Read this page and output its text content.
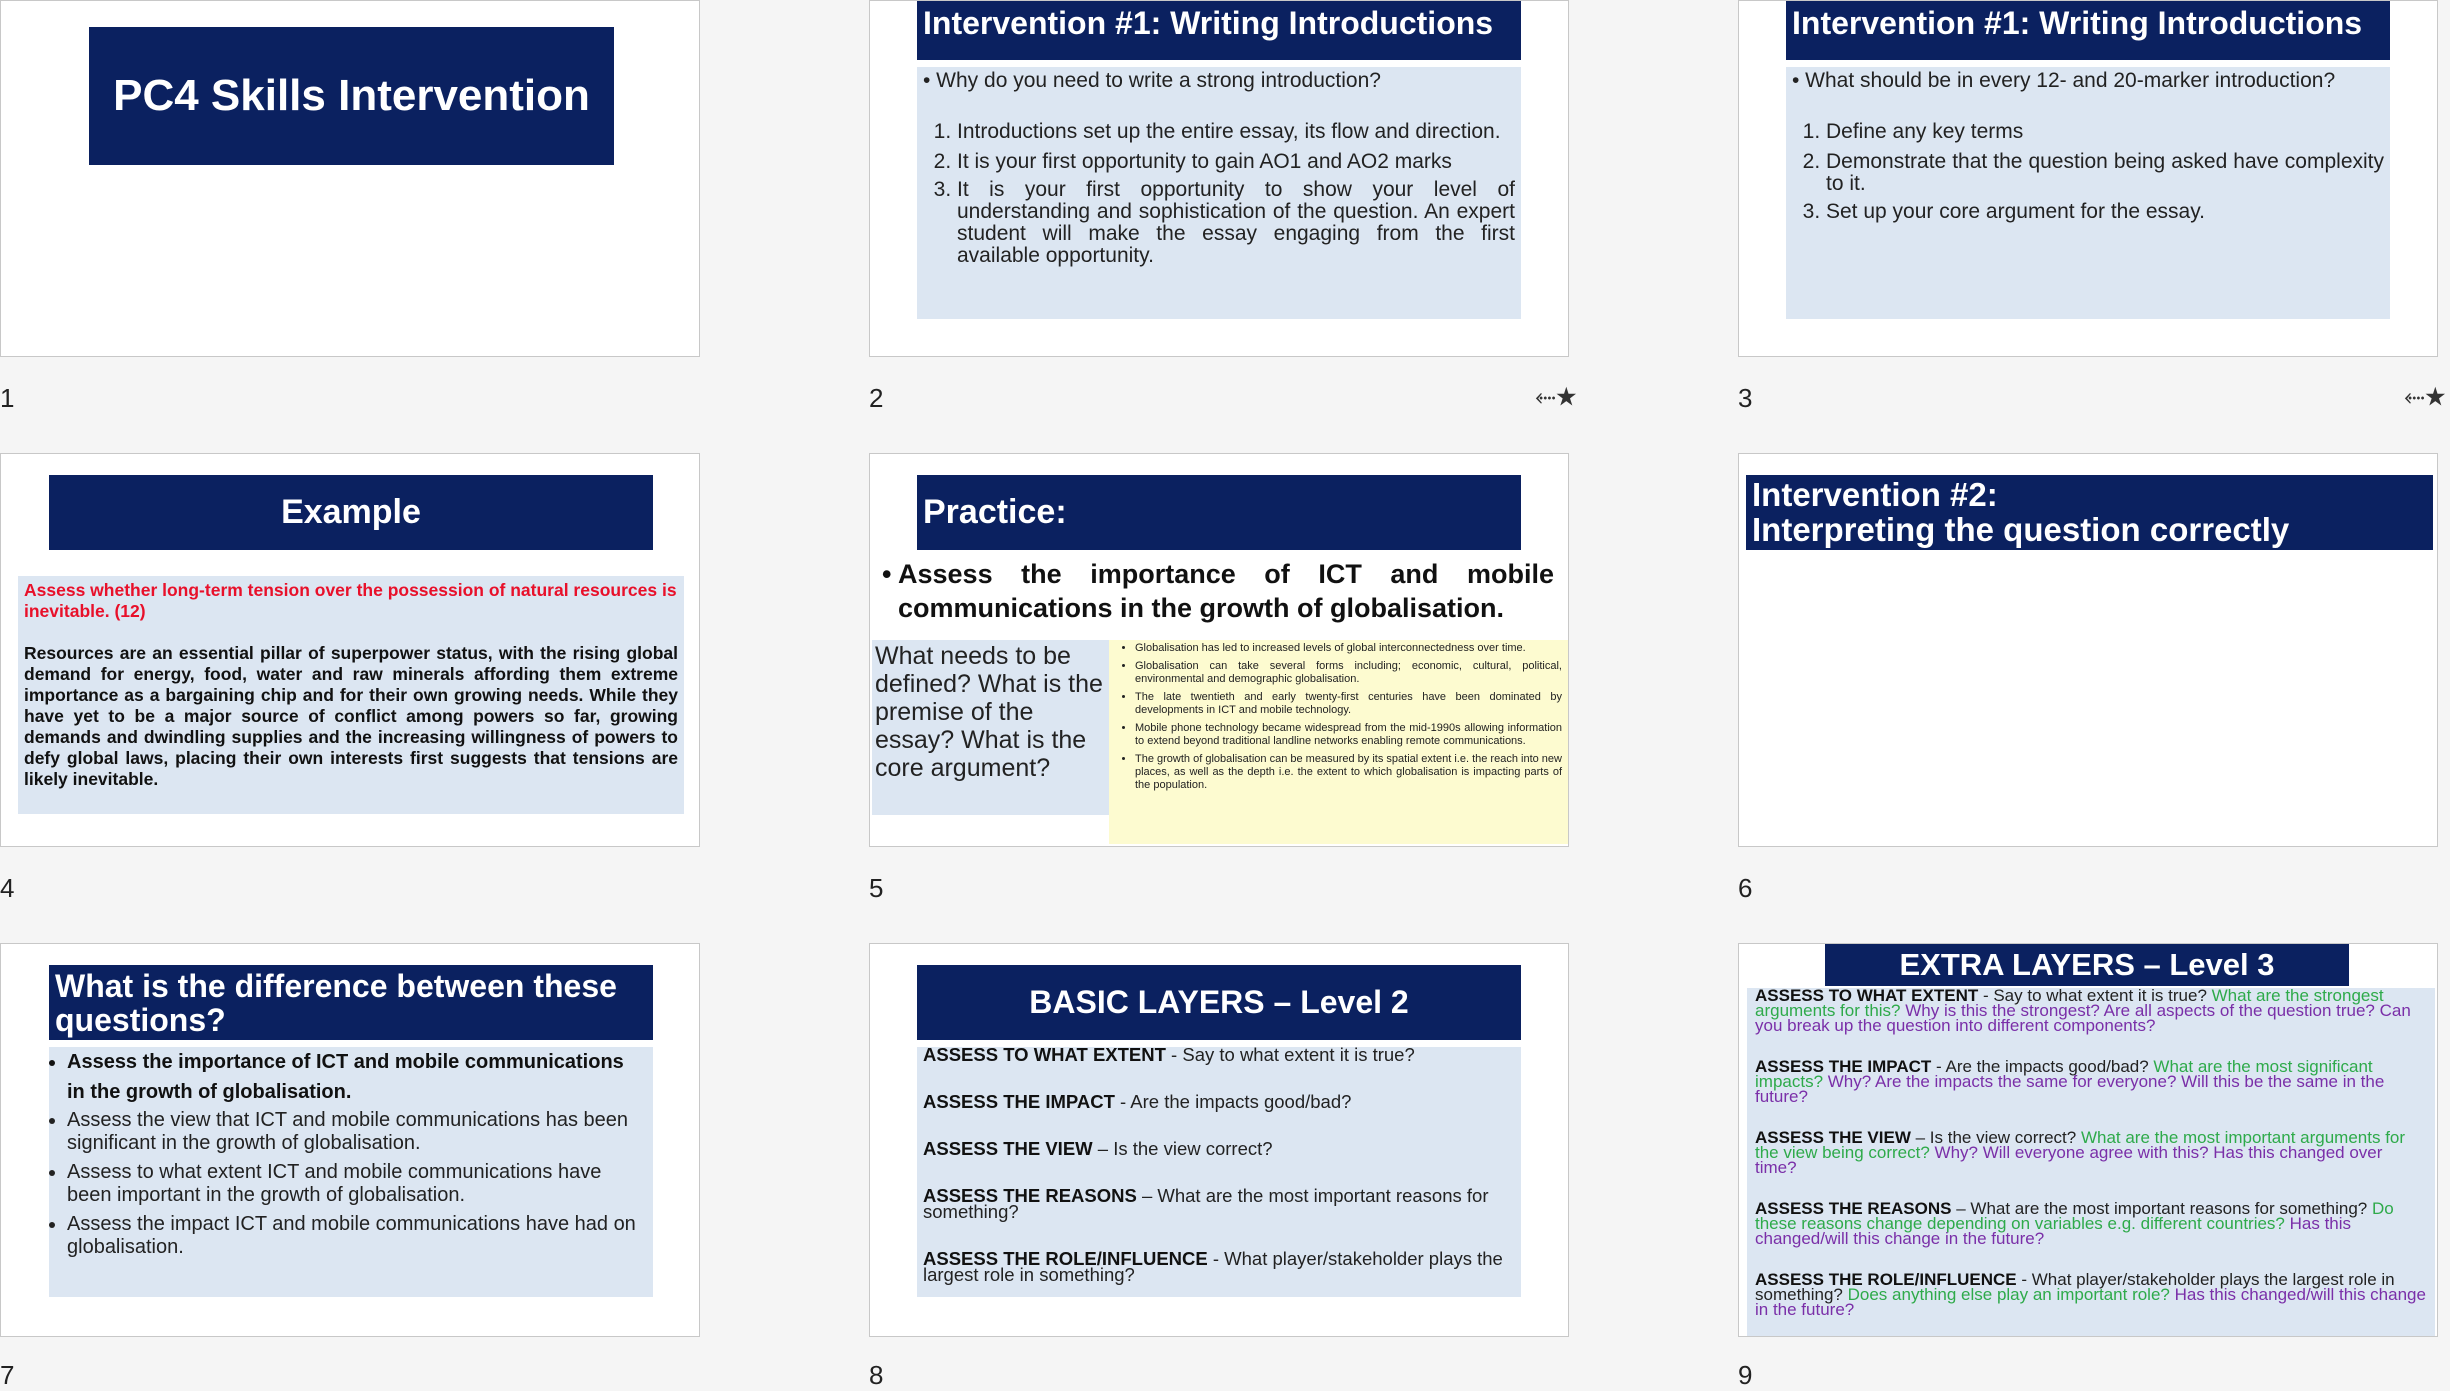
PC4 Skills Intervention
1
Intervention #1: Writing Introductions
• Why do you need to write a strong introduction?
1. Introductions set up the entire essay, its flow and direction.
2. It is your first opportunity to gain AO1 and AO2 marks
3. It is your first opportunity to show your level of understanding and sophistication of the question. An expert student will make the essay engaging from the first available opportunity.
2	⬸★
Intervention #1: Writing Introductions
• What should be in every 12- and 20-marker introduction?
1. Define any key terms
2. Demonstrate that the question being asked have complexity to it.
3. Set up your core argument for the essay.
3	⬸★
Example
Assess whether long-term tension over the possession of natural resources is inevitable. (12)
Resources are an essential pillar of superpower status, with the rising global demand for energy, food, water and raw minerals affording them extreme importance as a bargaining chip and for their own growing needs. While they have yet to be a major source of conflict among powers so far, growing demands and dwindling supplies and the increasing willingness of powers to defy global laws, placing their own interests first suggests that tensions are likely inevitable.
4
Practice:
• Assess the importance of ICT and mobile communications in the growth of globalisation.
What needs to be defined? What is the premise of the essay? What is the core argument?
• Globalisation has led to increased levels of global interconnectedness over time.
• Globalisation can take several forms including; economic, cultural, political, environmental and demographic globalisation.
• The late twentieth and early twenty-first centuries have been dominated by developments in ICT and mobile technology.
• Mobile phone technology became widespread from the mid-1990s allowing information to extend beyond traditional landline networks enabling remote communications.
• The growth of globalisation can be measured by its spatial extent i.e. the reach into new places, as well as the depth i.e. the extent to which globalisation is impacting parts of the population.
5
Intervention #2:
Interpreting the question correctly
6
What is the difference between these questions?
• Assess the importance of ICT and mobile communications in the growth of globalisation.
• Assess the view that ICT and mobile communications has been significant in the growth of globalisation.
• Assess to what extent ICT and mobile communications have been important in the growth of globalisation.
• Assess the impact ICT and mobile communications have had on globalisation.
7
BASIC LAYERS – Level 2
ASSESS TO WHAT EXTENT - Say to what extent it is true?
ASSESS THE IMPACT - Are the impacts good/bad?
ASSESS THE VIEW – Is the view correct?
ASSESS THE REASONS – What are the most important reasons for something?
ASSESS THE ROLE/INFLUENCE - What player/stakeholder plays the largest role in something?
8
EXTRA LAYERS – Level 3
ASSESS TO WHAT EXTENT - Say to what extent it is true? What are the strongest arguments for this? Why is this the strongest? Are all aspects of the question true? Can you break up the question into different components?
ASSESS THE IMPACT - Are the impacts good/bad? What are the most significant impacts? Why? Are the impacts the same for everyone? Will this be the same in the future?
ASSESS THE VIEW – Is the view correct? What are the most important arguments for the view being correct? Why? Will everyone agree with this? Has this changed over time?
ASSESS THE REASONS – What are the most important reasons for something? Do these reasons change depending on variables e.g. different countries? Has this changed/will this change in the future?
ASSESS THE ROLE/INFLUENCE - What player/stakeholder plays the largest role in something? Does anything else play an important role? Has this changed/will this change in the future?
9
